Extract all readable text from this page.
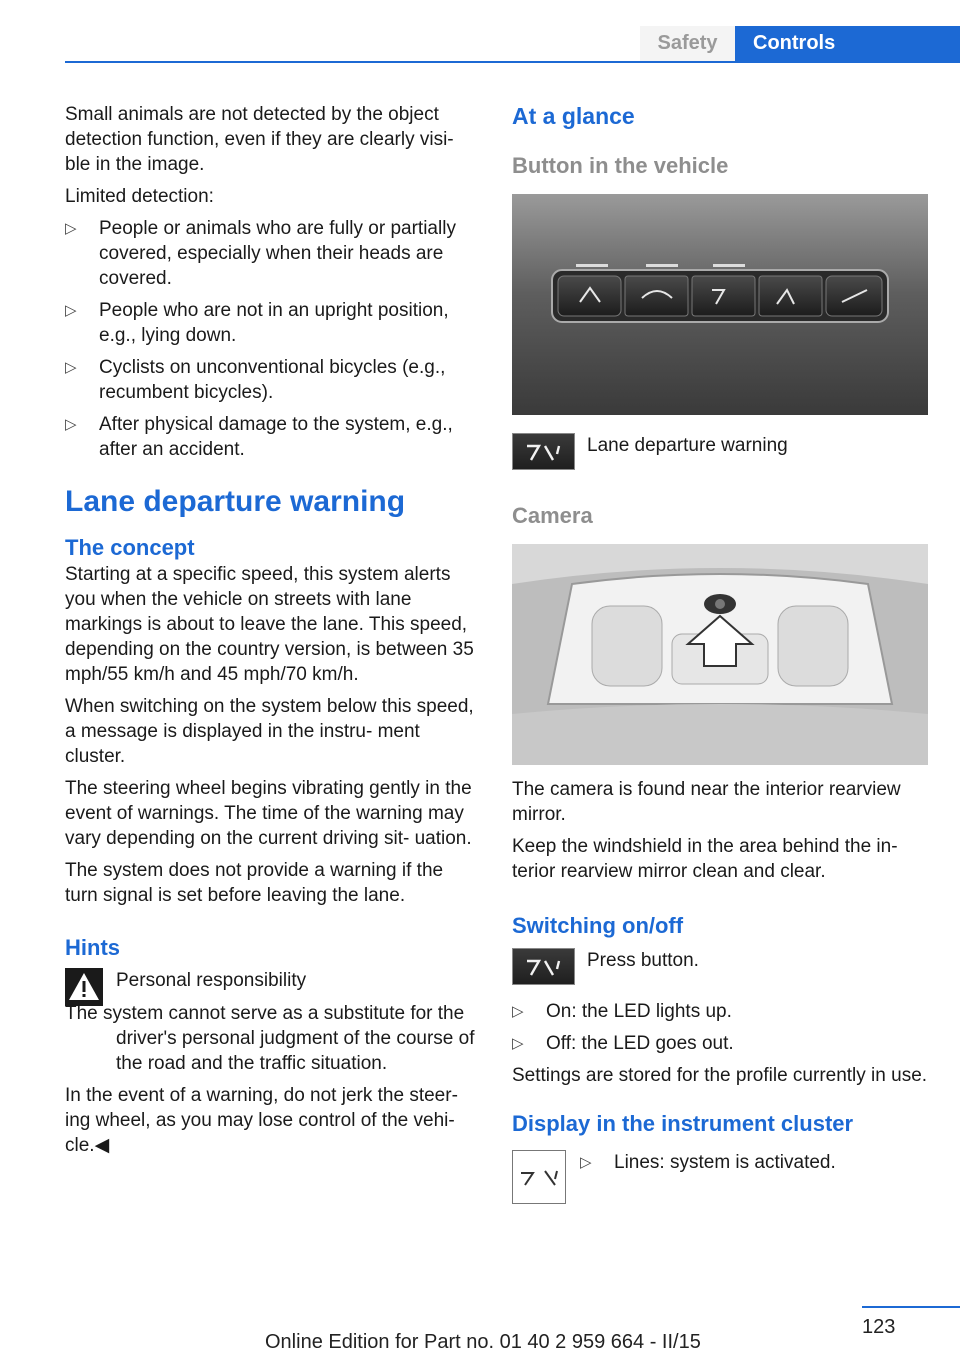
Safety	Controls

Small animals are not detected by the object detection function, even if they are clearly visi‐ ble in the image.

Limited detection:

▷ People or animals who are fully or partially covered, especially when their heads are covered.
▷ People who are not in an upright position, e.g., lying down.
▷ Cyclists on unconventional bicycles (e.g., recumbent bicycles).
▷ After physical damage to the system, e.g., after an accident.
Lane departure warning
The concept

Starting at a specific speed, this system alerts you when the vehicle on streets with lane markings is about to leave the lane. This speed, depending on the country version, is between 35 mph/55 km/h and 45 mph/70 km/h.

When switching on the system below this speed, a message is displayed in the instru‐ ment cluster.

The steering wheel begins vibrating gently in the event of warnings. The time of the warning may vary depending on the current driving sit‐ uation.

The system does not provide a warning if the turn signal is set before leaving the lane.

Hints

Personal responsibility

The system cannot serve as a substitute for the driver's personal judgment of the course of the road and the traffic situation.

In the event of a warning, do not jerk the steer‐ ing wheel, as you may lose control of the vehi‐ cle.◀

At a glance
Button in the vehicle

Lane departure warning

Camera

The camera is found near the interior rearview mirror.

Keep the windshield in the area behind the in‐ terior rearview mirror clean and clear.

Switching on/off

Press button.

▷ On: the LED lights up.
▷ Off: the LED goes out.

Settings are stored for the profile currently in use.

Display in the instrument cluster
▷ Lines: system is activated.
123
Online Edition for Part no. 01 40 2 959 664 - II/15
